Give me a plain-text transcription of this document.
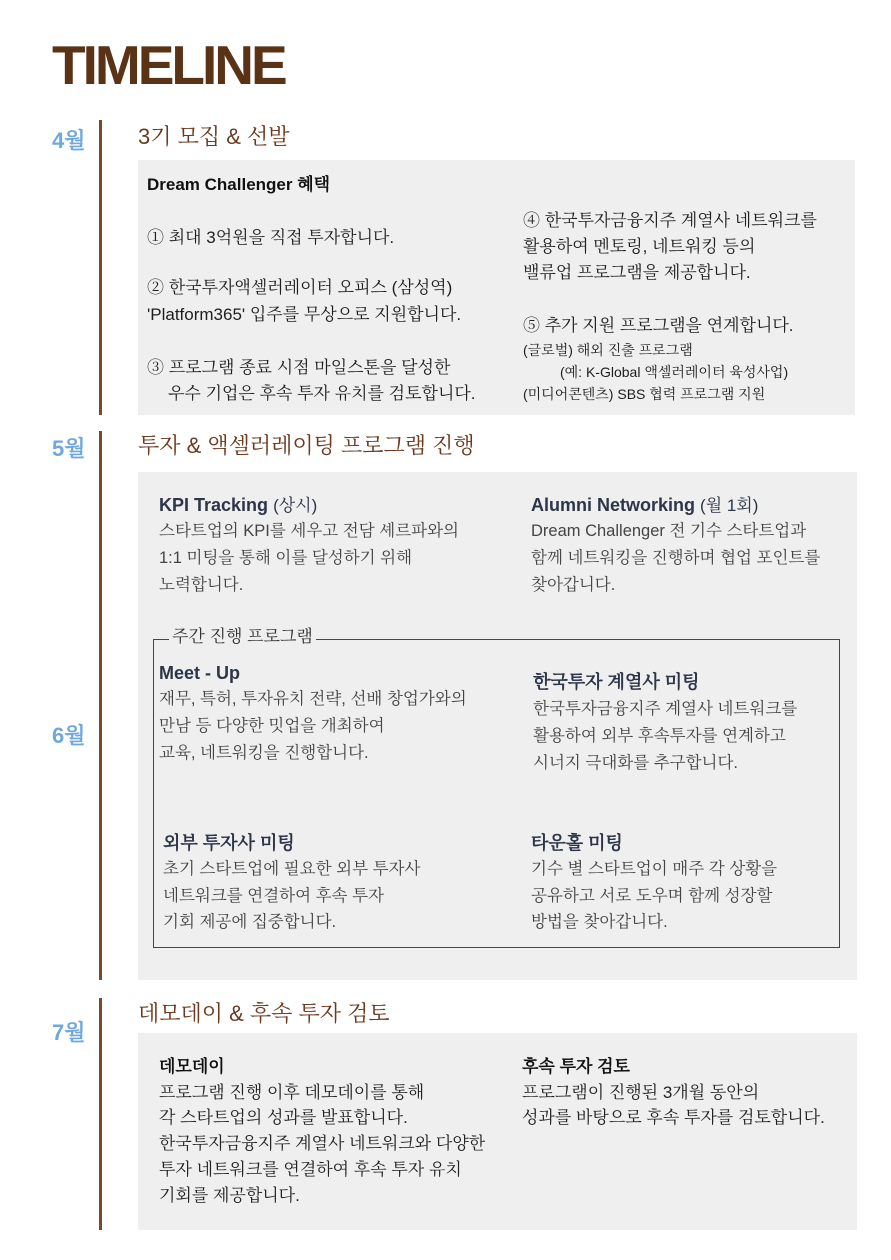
TIMELINE
4월
5월
6월
7월
3기 모집 & 선발
투자 & 액셀러레이팅 프로그램 진행
데모데이 & 후속 투자 검토
Dream Challenger 혜택
① 최대 3억원을 직접 투자합니다.
② 한국투자액셀러레이터 오피스 (삼성역)
'Platform365' 입주를 무상으로 지원합니다.
③ 프로그램 종료 시점 마일스톤을 달성한
우수 기업은 후속 투자 유치를 검토합니다.
④ 한국투자금융지주 계열사 네트워크를
활용하여 멘토링, 네트워킹 등의
밸류업 프로그램을 제공합니다.
⑤ 추가 지원 프로그램을 연계합니다.
(글로벌) 해외 진출 프로그램
(예: K-Global 액셀러레이터 육성사업)
(미디어콘텐츠) SBS 협력 프로그램 지원
KPI Tracking (상시)
스타트업의 KPI를 세우고 전담 셰르파와의
1:1 미팅을 통해 이를 달성하기 위해
노력합니다.
Alumni Networking (월 1회)
Dream Challenger 전 기수 스타트업과
함께 네트워킹을 진행하며 협업 포인트를
찾아갑니다.
주간 진행 프로그램
Meet - Up
재무, 특허, 투자유치 전략, 선배 창업가와의
만남 등 다양한 밋업을 개최하여
교육, 네트워킹을 진행합니다.
한국투자 계열사 미팅
한국투자금융지주 계열사 네트워크를
활용하여 외부 후속투자를 연계하고
시너지 극대화를 추구합니다.
외부 투자사 미팅
초기 스타트업에 필요한 외부 투자사
네트워크를 연결하여 후속 투자
기회 제공에 집중합니다.
타운홀 미팅
기수 별 스타트업이 매주 각 상황을
공유하고 서로 도우며 함께 성장할
방법을 찾아갑니다.
데모데이
프로그램 진행 이후 데모데이를 통해
각 스타트업의 성과를 발표합니다.
한국투자금융지주 계열사 네트워크와 다양한
투자 네트워크를 연결하여 후속 투자 유치
기회를 제공합니다.
후속 투자 검토
프로그램이 진행된 3개월 동안의
성과를 바탕으로 후속 투자를 검토합니다.
